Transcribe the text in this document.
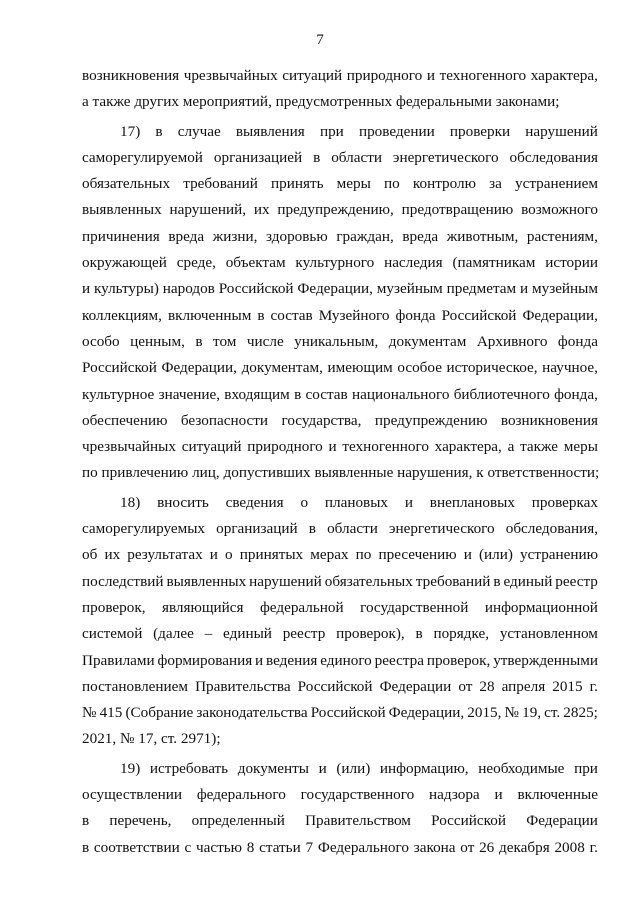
7
возникновения чрезвычайных ситуаций природного и техногенного характера,
а также других мероприятий, предусмотренных федеральными законами;
17) в случае выявления при проведении проверки нарушений
саморегулируемой организацией в области энергетического обследования
обязательных требований принять меры по контролю за устранением
выявленных нарушений, их предупреждению, предотвращению возможного
причинения вреда жизни, здоровью граждан, вреда животным, растениям,
окружающей среде, объектам культурного наследия (памятникам истории
и культуры) народов Российской Федерации, музейным предметам и музейным
коллекциям, включенным в состав Музейного фонда Российской Федерации,
особо ценным, в том числе уникальным, документам Архивного фонда
Российской Федерации, документам, имеющим особое историческое, научное,
культурное значение, входящим в состав национального библиотечного фонда,
обеспечению безопасности государства, предупреждению возникновения
чрезвычайных ситуаций природного и техногенного характера, а также меры
по привлечению лиц, допустивших выявленные нарушения, к ответственности;
18) вносить сведения о плановых и внеплановых проверках
саморегулируемых организаций в области энергетического обследования,
об их результатах и о принятых мерах по пресечению и (или) устранению
последствий выявленных нарушений обязательных требований в единый реестр
проверок, являющийся федеральной государственной информационной
системой (далее – единый реестр проверок), в порядке, установленном
Правилами формирования и ведения единого реестра проверок, утвержденными
постановлением Правительства Российской Федерации от 28 апреля 2015 г.
№ 415 (Собрание законодательства Российской Федерации, 2015, № 19, ст. 2825;
2021, № 17, ст. 2971);
19) истребовать документы и (или) информацию, необходимые при
осуществлении федерального государственного надзора и включенные
в перечень, определенный Правительством Российской Федерации
в соответствии с частью 8 статьи 7 Федерального закона от 26 декабря 2008 г.
